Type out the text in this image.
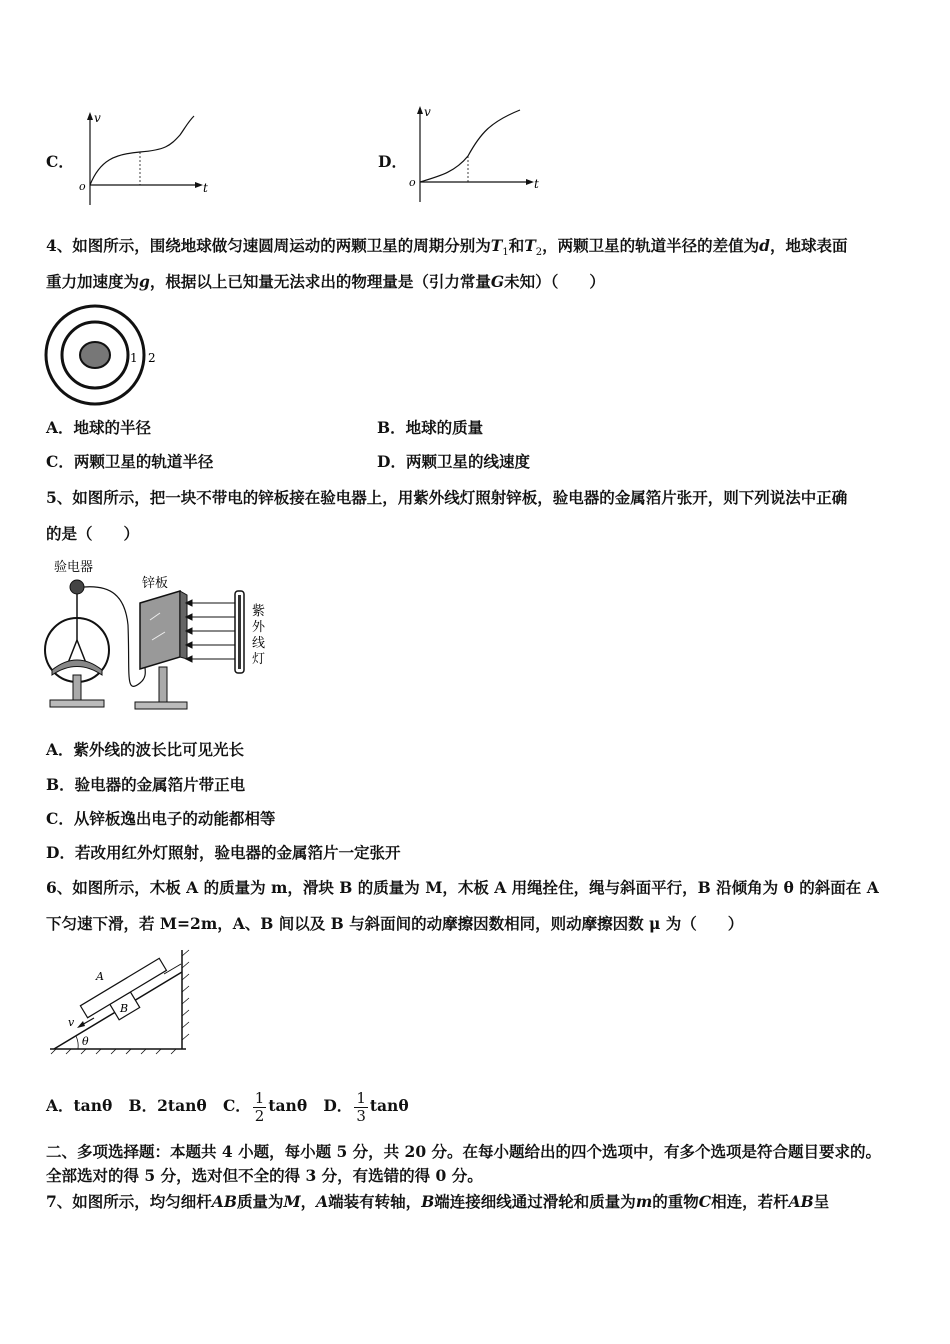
C．
v
t
o
D．
v
t
o
4、如图所示，围绕地球做匀速圆周运动的两颗卫星的周期分别为$T_1$和$T_2$，两颗卫星的轨道半径的差值为d，地球表面
重力加速度为g，根据以上已知量无法求出的物理量是（引力常量G未知）（　　）
1 2
A．地球的半径	B．地球的质量
C．两颗卫星的轨道半径	D．两颗卫星的线速度
5、如图所示，把一块不带电的锌板接在验电器上，用紫外线灯照射锌板，验电器的金属箔片张开，则下列说法中正确
的是（　　）
验电器
锌板
紫
外
线
灯
A．紫外线的波长比可见光长
B．验电器的金属箔片带正电
C．从锌板逸出电子的动能都相等
D．若改用红外灯照射，验电器的金属箔片一定张开
6、如图所示，木板 A 的质量为 m，滑块 B 的质量为 M，木板 A 用绳拴住，绳与斜面平行，B 沿倾角为 θ 的斜面在 A
下匀速下滑，若 M=2m，A、B 间以及 B 与斜面间的动摩擦因数相同，则动摩擦因数 μ 为（　　）
θ
B
A
v
A．tanθ B．2tanθ C． $\frac{1}{2}$ tanθ D． $\frac{1}{3}$ tanθ
二、多项选择题：本题共 4 小题，每小题 5 分，共 20 分。在每小题给出的四个选项中，有多个选项是符合题目要求的。
全部选对的得 5 分，选对但不全的得 3 分，有选错的得 0 分。
7、如图所示，均匀细杆AB质量为M，A端装有转轴，B端连接细线通过滑轮和质量为m的重物C相连，若杆AB呈
